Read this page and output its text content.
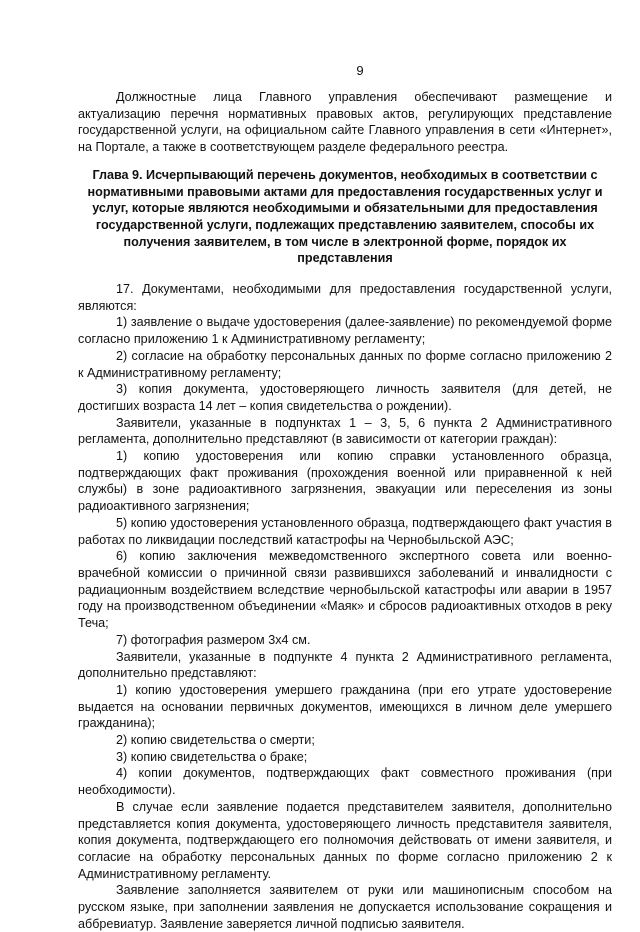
9

Должностные лица Главного управления обеспечивают размещение и актуализацию перечня нормативных правовых актов, регулирующих представление государственной услуги, на официальном сайте Главного управления в сети «Интернет», на Портале, а также в соответствующем разделе федерального реестра.

Глава 9. Исчерпывающий перечень документов, необходимых в соответствии с нормативными правовыми актами для предоставления государственных услуг и услуг, которые являются необходимыми и обязательными для предоставления государственной услуги, подлежащих представлению заявителем, способы их получения заявителем, в том числе в электронной форме, порядок их представления

17. Документами, необходимыми для предоставления государственной услуги, являются:

1) заявление о выдаче удостоверения (далее-заявление) по рекомендуемой форме согласно приложению 1 к Административному регламенту;

2) согласие на обработку персональных данных по форме согласно приложению 2 к Административному регламенту;

3) копия документа, удостоверяющего личность заявителя (для детей, не достигших возраста 14 лет – копия свидетельства о рождении).

Заявители, указанные в подпунктах 1 – 3, 5, 6 пункта 2 Административного регламента, дополнительно представляют (в зависимости от категории граждан):

1) копию удостоверения или копию справки установленного образца, подтверждающих факт проживания (прохождения военной или приравненной к ней службы) в зоне радиоактивного загрязнения, эвакуации или переселения из зоны радиоактивного загрязнения;

5) копию удостоверения установленного образца, подтверждающего факт участия в работах по ликвидации последствий катастрофы на Чернобыльской АЭС;

6) копию заключения межведомственного экспертного совета или военно-врачебной комиссии о причинной связи развившихся заболеваний и инвалидности с радиационным воздействием вследствие чернобыльской катастрофы или аварии в 1957 году на производственном объединении «Маяк» и сбросов радиоактивных отходов в реку Теча;

7) фотография размером 3х4 см.

Заявители, указанные в подпункте 4 пункта 2 Административного регламента, дополнительно представляют:

1) копию удостоверения умершего гражданина (при его утрате удостоверение выдается на основании первичных документов, имеющихся в личном деле умершего гражданина);

2) копию свидетельства о смерти;

3) копию свидетельства о браке;

4) копии документов, подтверждающих факт совместного проживания (при необходимости).

В случае если заявление подается представителем заявителя, дополнительно представляется копия документа, удостоверяющего личность представителя заявителя, копия документа, подтверждающего его полномочия действовать от имени заявителя, и согласие на обработку персональных данных по форме согласно приложению 2 к Административному регламенту.

Заявление заполняется заявителем от руки или машинописным способом на русском языке, при заполнении заявления не допускается использование сокращения и аббревиатур. Заявление заверяется личной подписью заявителя.
